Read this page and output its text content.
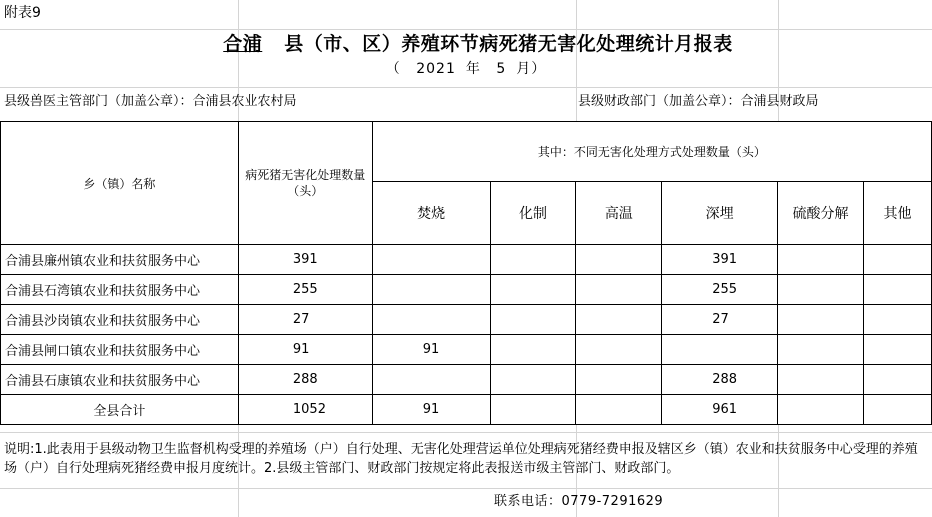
附表9
合浦 县（市、区）养殖环节病死猪无害化处理统计月报表
（ 2021 年 5 月）
县级兽医主管部门（加盖公章）：合浦县农业农村局	县级财政部门（加盖公章）：合浦县财政局
乡（镇）名称	病死猪无害化处理数量（头）	其中：不同无害化处理方式处理数量（头）					
		焚烧	化制	高温	深埋	硫酸分解	其他
合浦县廉州镇农业和扶贫服务中心	391				391		
合浦县石湾镇农业和扶贫服务中心	255				255		
合浦县沙岗镇农业和扶贫服务中心	27				27		
合浦县闸口镇农业和扶贫服务中心	91	91					
合浦县石康镇农业和扶贫服务中心	288				288		
全县合计	1052	91			961		
说明:1.此表用于县级动物卫生监督机构受理的养殖场（户）自行处理、无害化处理营运单位处理病死猪经费申报及辖区乡（镇）农业和扶贫服务中心受理的养殖场（户）自行处理病死猪经费申报月度统计。2.县级主管部门、财政部门按规定将此表报送市级主管部门、财政部门。
联系电话：0779-7291629
